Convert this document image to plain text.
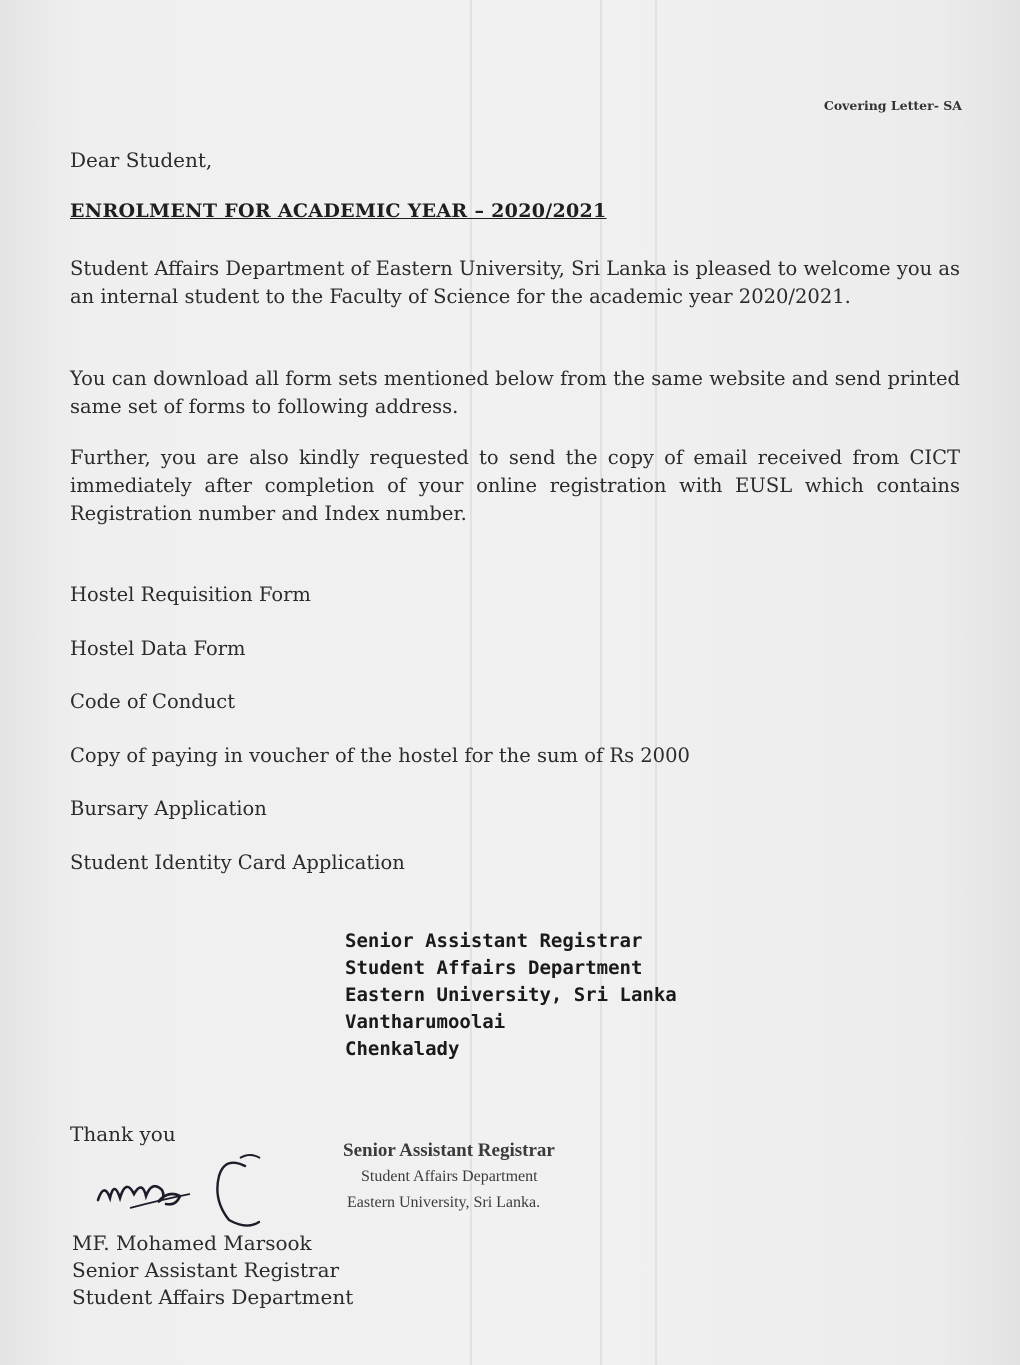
Covering Letter- SA
Dear Student,
ENROLMENT FOR ACADEMIC YEAR – 2020/2021
Student Affairs Department of Eastern University, Sri Lanka is pleased to welcome you as an internal student to the Faculty of Science for the academic year 2020/2021.
You can download all form sets mentioned below from the same website and send printed same set of forms to following address.
Further, you are also kindly requested to send the copy of email received from CICT immediately after completion of your online registration with EUSL which contains Registration number and Index number.
Hostel Requisition Form
Hostel Data Form
Code of Conduct
Copy of paying in voucher of the hostel for the sum of Rs 2000
Bursary Application
Student Identity Card Application
Senior Assistant Registrar
Student Affairs Department
Eastern University, Sri Lanka
Vantharumoolai
Chenkalady
Thank you
MF. Mohamed Marsook
Senior Assistant Registrar
Student Affairs Department
Senior Assistant Registrar
Student Affairs Department
Eastern University, Sri Lanka.
